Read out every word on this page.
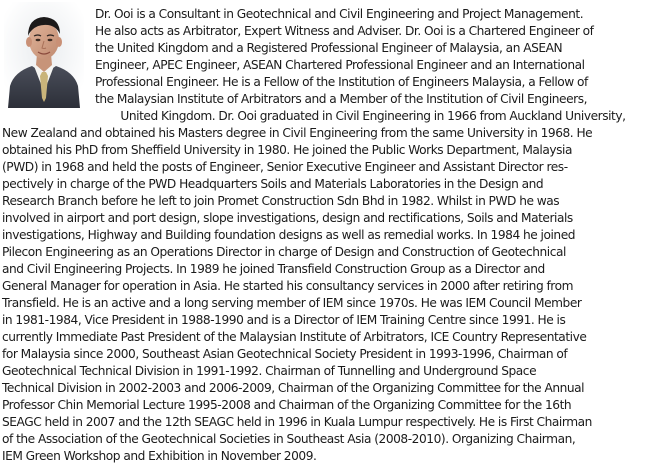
Dr. Ooi is a Consultant in Geotechnical and Civil Engineering and Project Management.
He also acts as Arbitrator, Expert Witness and Adviser. Dr. Ooi is a Chartered Engineer of
the United Kingdom and a Registered Professional Engineer of Malaysia, an ASEAN
Engineer, APEC Engineer, ASEAN Chartered Professional Engineer and an International
Professional Engineer. He is a Fellow of the Institution of Engineers Malaysia, a Fellow of
the Malaysian Institute of Arbitrators and a Member of the Institution of Civil Engineers,
United Kingdom. Dr. Ooi graduated in Civil Engineering in 1966 from Auckland University,
New Zealand and obtained his Masters degree in Civil Engineering from the same University in 1968. He
obtained his PhD from Sheffield University in 1980. He joined the Public Works Department, Malaysia
(PWD) in 1968 and held the posts of Engineer, Senior Executive Engineer and Assistant Director res-
pectively in charge of the PWD Headquarters Soils and Materials Laboratories in the Design and
Research Branch before he left to join Promet Construction Sdn Bhd in 1982. Whilst in PWD he was
involved in airport and port design, slope investigations, design and rectifications, Soils and Materials
investigations, Highway and Building foundation designs as well as remedial works. In 1984 he joined
Pilecon Engineering as an Operations Director in charge of Design and Construction of Geotechnical
and Civil Engineering Projects. In 1989 he joined Transfield Construction Group as a Director and
General Manager for operation in Asia. He started his consultancy services in 2000 after retiring from
Transfield. He is an active and a long serving member of IEM since 1970s. He was IEM Council Member
in 1981-1984, Vice President in 1988-1990 and is a Director of IEM Training Centre since 1991. He is
currently Immediate Past President of the Malaysian Institute of Arbitrators, ICE Country Representative
for Malaysia since 2000, Southeast Asian Geotechnical Society President in 1993-1996, Chairman of
Geotechnical Technical Division in 1991-1992. Chairman of Tunnelling and Underground Space
Technical Division in 2002-2003 and 2006-2009, Chairman of the Organizing Committee for the Annual
Professor Chin Memorial Lecture 1995-2008 and Chairman of the Organizing Committee for the 16th
SEAGC held in 2007 and the 12th SEAGC held in 1996 in Kuala Lumpur respectively. He is First Chairman
of the Association of the Geotechnical Societies in Southeast Asia (2008-2010). Organizing Chairman,
IEM Green Workshop and Exhibition in November 2009.
